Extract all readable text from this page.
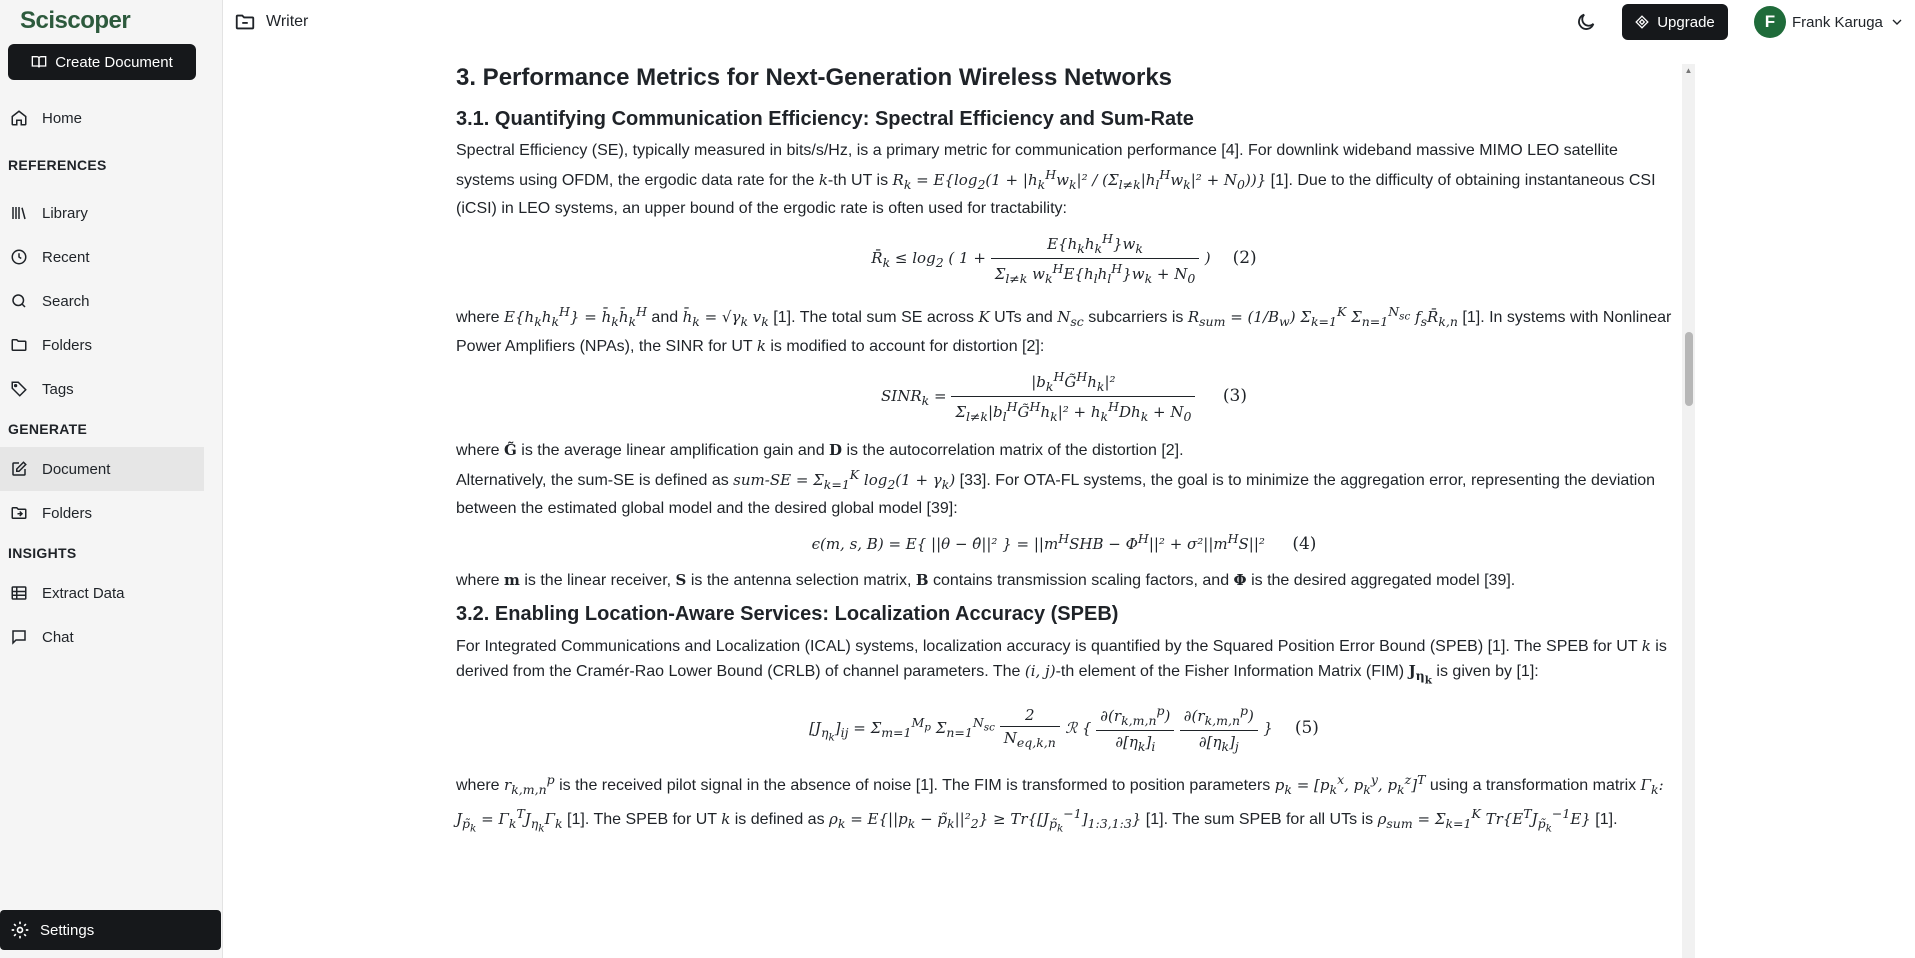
Sciscoper
Create Document
Home
REFERENCES
Library
Recent
Search
Folders
Tags
GENERATE
Document
Folders
INSIGHTS
Extract Data
Chat
Settings
Writer	Upgrade	F	Frank Karuga
3. Performance Metrics for Next-Generation Wireless Networks
3.1. Quantifying Communication Efficiency: Spectral Efficiency and Sum-Rate

Spectral Efficiency (SE), typically measured in bits/s/Hz, is a primary metric for communication performance [4]. For downlink wideband massive MIMO LEO satellite systems using OFDM, the ergodic data rate for the k-th UT is $R_k = E\{\log_2(1 + |h_k^Hw_k|^2 / (\Sigma_{l\ne k}|h_l^Hw_k|^2 + N_0))\}$ [1]. Due to the difficulty of obtaining instantaneous CSI (iCSI) in LEO systems, an upper bound of the ergodic rate is often used for tractability:

$R̄_k \le \log_2$ ( $1 + \frac{E\{h_kh_k^H\}w_k}{\Sigma_{l\ne k} w_k^HE\{h_lh_l^H\}w_k + N_0}$ ) (2)

where $E\{h_kh_k^H\}$ = $h̄_kh̄_k^H$ and $h̄_k = √\gamma_k$ $v_k$ [1]. The total sum SE across K UTs and $N_{sc}$ subcarriers is $R_{sum} = (1/B_w)$ $\Sigma_{k=1}^K$ $\Sigma_{n=1}^{N_{sc}}$ $f_sR̄_{k,n}$ [1]. In systems with Nonlinear Power Amplifiers (NPAs), the SINR for UT k is modified to account for distortion [2]:

$SINR_k = \frac{|b_k^HG̃^Hh_k|^2}{\Sigma_{l\ne k}|b_l^HG̃^Hh_k|^2 + h_k^HDh_k + N_0} (3)$

where G̃ is the average linear amplification gain and D is the autocorrelation matrix of the distortion [2].
Alternatively, the sum-SE is defined as $sum-SE = \Sigma_{k=1}^K$ $\log_2(1 + \gamma_k)$ [33]. For OTA-FL systems, the goal is to minimize the aggregation error, representing the deviation between the estimated global model and the desired global model [39]:

ϵ(m, s, B) = E{ ||θ − θ̂||² } = $||m^HSHB - \Phi^H||^2 + \sigma^2||m^HS||^2$ (4)

where m is the linear receiver, S is the antenna selection matrix, B contains transmission scaling factors, and Φ is the desired aggregated model [39].

3.2. Enabling Location-Aware Services: Localization Accuracy (SPEB)

For Integrated Communications and Localization (ICAL) systems, localization accuracy is quantified by the Squared Position Error Bound (SPEB) [1]. The SPEB for UT k is derived from the Cramér-Rao Lower Bound (CRLB) of channel parameters. The (i, j)-th element of the Fisher Information Matrix (FIM) $J_{\eta_k}$ is given by [1]:

$[J_{\eta_k}]_{ij} = \Sigma_{m=1}^{M_p}$ $\Sigma_{n=1}^{N_{sc}} \frac{2}{N_{eq,k,n}}$ ℛ { $\frac{\partial(r_{k,m,n}^p)}{\partial[\eta_k]_i}$
$\frac{\partial(r_{k,m,n}^p)}{\partial[\eta_k]_j}$ } (5)

where $r_{k,m,n}^p$ is the received pilot signal in the absence of noise [1]. The FIM is transformed to position parameters $p_k = [p_k^x$, $p_k^y$, $p_k^z]^T$ using a transformation matrix $\Gamma_k$: $J_{p̃_k} = \Gamma_k^TJ_{\eta_k}\Gamma_k$ [1]. The SPEB for UT k is defined as $\rho_k = E\{||p_k$ − $p̃_k||^2_2\} \ge Tr\{[J_{p̃_k}^{-1}]_{1:3,1:3}\}$ [1]. The sum SPEB for all UTs is $\rho_{sum} = \Sigma_{k=1}^K$ $Tr\{E^TJ_{p̃_k}^{-1}E\}$ [1].

▲
